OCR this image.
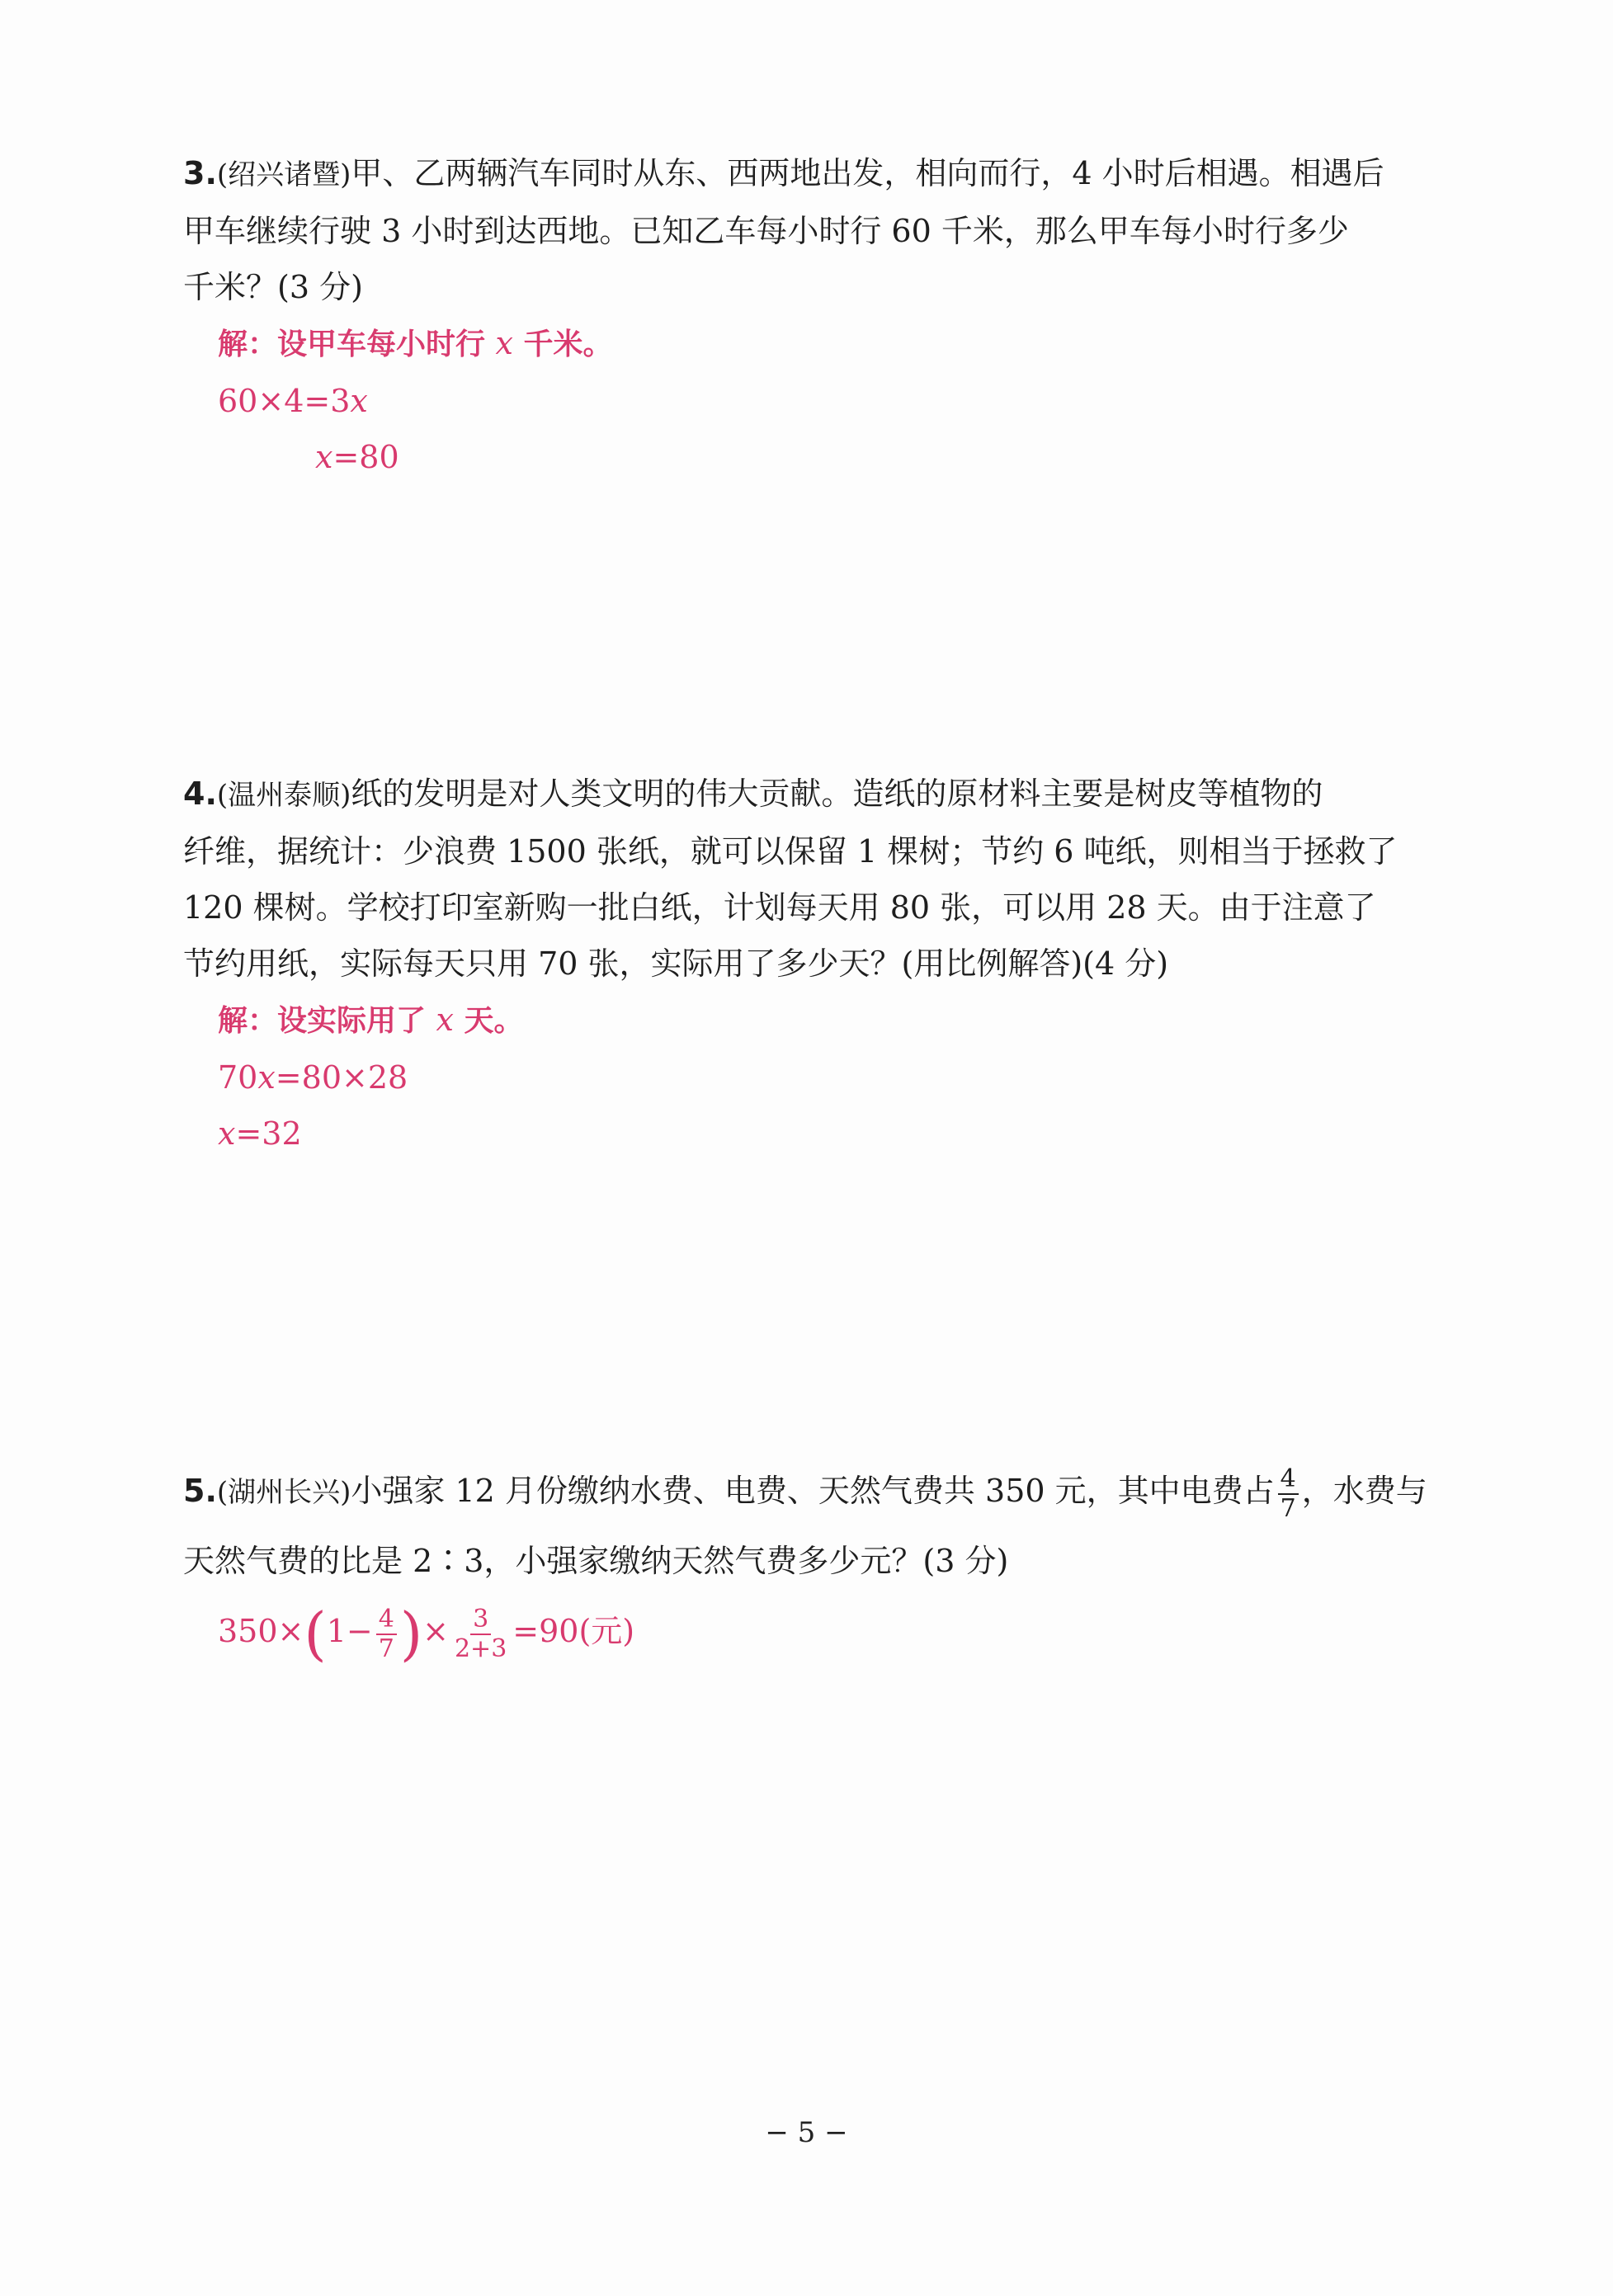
3.(绍兴诸暨)甲、乙两辆汽车同时从东、西两地出发，相向而行，4 小时后相遇。相遇后
甲车继续行驶 3 小时到达西地。已知乙车每小时行 60 千米，那么甲车每小时行多少
千米？(3 分)
解：设甲车每小时行 x 千米。
60×4=3x
x=80
4.(温州泰顺)纸的发明是对人类文明的伟大贡献。造纸的原材料主要是树皮等植物的
纤维，据统计：少浪费 1500 张纸，就可以保留 1 棵树；节约 6 吨纸，则相当于拯救了
120 棵树。学校打印室新购一批白纸，计划每天用 80 张，可以用 28 天。由于注意了
节约用纸，实际每天只用 70 张，实际用了多少天？(用比例解答)(4 分)
解：设实际用了 x 天。
70x=80×28
x=32
5.(湖州长兴)小强家 12 月份缴纳水费、电费、天然气费共 350 元，其中电费占 $\frac{4}{7}$ ，水费与
天然气费的比是 2∶3，小强家缴纳天然气费多少元？(3 分)
$350\times(1- \frac{4}{7}$ )× $\frac{3}{2+3} =90$(元)
− 5 −
